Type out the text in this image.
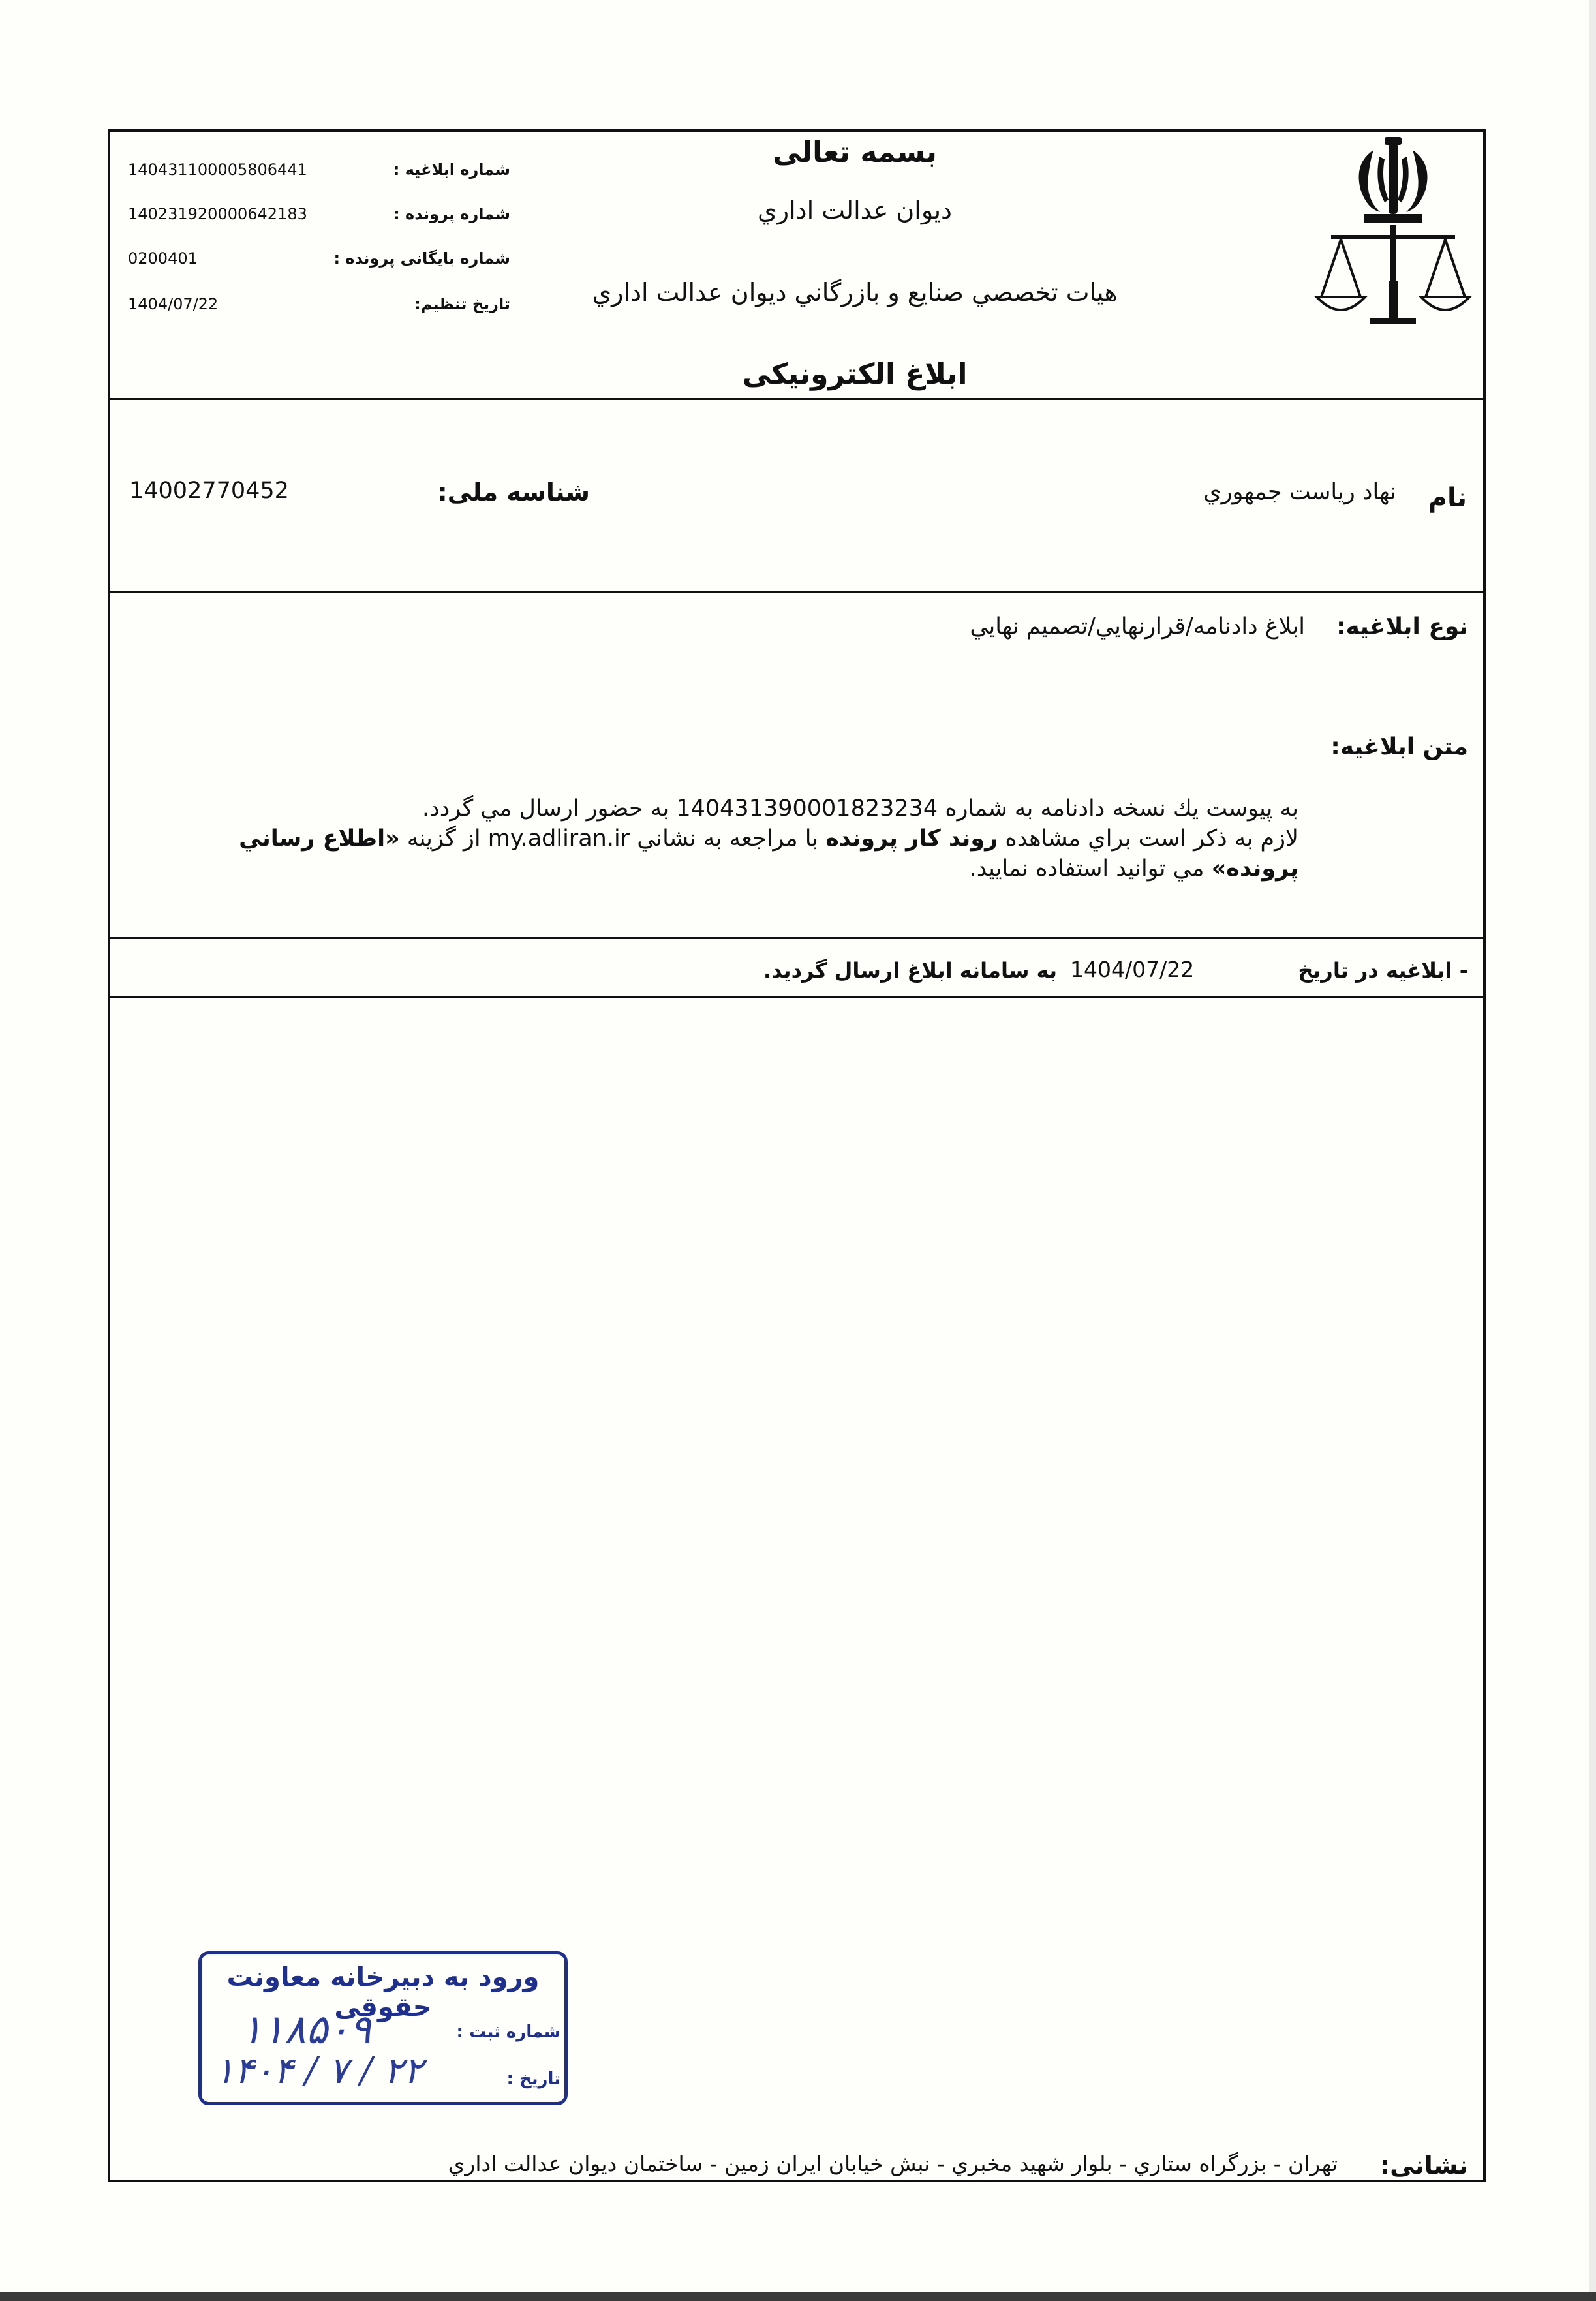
بسمه تعالی
ديوان عدالت اداري
هيات تخصصي صنايع و بازرگاني ديوان عدالت اداري
ابلاغ الکترونیکی
شماره ابلاغیه :
140431100005806441
شماره پرونده :
140231920000642183
شماره بایگانی پرونده :
0200401
تاریخ تنظیم:
1404/07/22
نام
نهاد رياست جمهوري
شناسه ملی:
14002770452
نوع ابلاغيه:
ابلاغ دادنامه/قرارنهايي/تصميم نهايي
متن ابلاغيه:
به پيوست يك نسخه دادنامه به شماره 140431390001823234 به حضور ارسال مي گردد.
لازم به ذكر است براي مشاهده روند كار پرونده با مراجعه به نشاني my.adliran.ir از گزينه «اطلاع رساني
پرونده» مي توانيد استفاده نماييد.
- ابلاغيه در تاريخ
1404/07/22
به سامانه ابلاغ ارسال گرديد.
ورود به دبیرخانه معاونت حقوقی
شماره ثبت :
۱۱۸۵۰۹
تاریخ :
۱۴۰۴ / ۷ / ۲۲
نشانی:
تهران - بزرگراه ستاري - بلوار شهيد مخبري - نبش خيابان ايران زمين - ساختمان ديوان عدالت اداري
